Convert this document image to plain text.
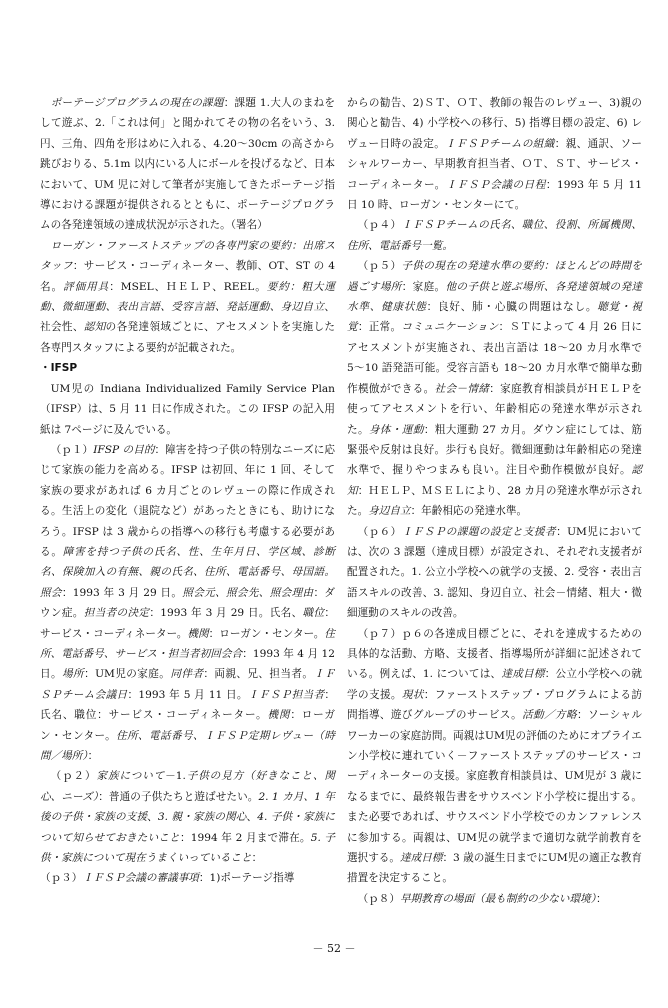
ポーテージプログラムの現在の課題：課題 1.大人のまねをして遊ぶ、2.「これは何」と聞かれてその物の名をいう、3.円、三角、四角を形はめに入れる、4.20〜30cm の高さから跳びおりる、5.1m 以内にいる人にボールを投げるなど、日本において、UM 児に対して筆者が実施してきたポーテージ指導における課題が提供されるとともに、ポーテージプログラムの各発達領域の達成状況が示された。（署名）

ローガン・ファーストステップの各専門家の要約：出席スタッフ：サービス・コーディネーター、教師、OT、ST の 4 名。評価用具：MSEL、ＨＥＬＰ、REEL。要約：粗大運動、微細運動、表出言語、受容言語、発話運動、身辺自立、社会性、認知の各発達領域ごとに、アセスメントを実施した各専門スタッフによる要約が記載された。

・IFSP

UM児の Indiana Individualized Family Service Plan（IFSP）は、5 月 11 日に作成された。この IFSP の記入用紙は 7ページに及んでいる。

（ｐ１）IFSP の目的：障害を持つ子供の特別なニーズに応じて家族の能力を高める。IFSP は初回、年に 1 回、そして家族の要求があれば 6 カ月ごとのレヴューの際に作成される。生活上の変化（退院など）があったときにも、助けになろう。IFSP は 3 歳からの指導への移行も考慮する必要がある。障害を持つ子供の氏名、性、生年月日、学区域、診断名、保険加入の有無、親の氏名、住所、電話番号、母国語。照会：1993 年 3 月 29 日。照会元、照会先、照会理由：ダウン症。担当者の決定：1993 年 3 月 29 日。氏名、職位：サービス・コーディネーター。機関：ローガン・センター。住所、電話番号、サービス・担当者初回会合：1993 年 4 月 12 日。場所：UM児の家庭。同伴者：両親、兄、担当者。ＩＦＳＰチーム会議日：1993 年 5 月 11 日。ＩＦＳＰ担当者：氏名、職位：サービス・コーディネーター。機関：ローガン・センター。住所、電話番号、ＩＦＳＰ定期レヴュー（時間／場所）：

（ｐ２）家族について－1.子供の見方（好きなこと、関心、ニーズ）：普通の子供たちと遊ばせたい。2. 1 カ月、1 年後の子供・家族の支援、3. 親・家族の関心、4. 子供・家族について知らせておきたいこと：1994 年 2 月まで滞在。5. 子供・家族について現在うまくいっていること：

（ｐ３）ＩＦＳＰ会議の審議事項：1)ポーテージ指導

からの勧告、2)ＳＴ、ＯＴ、教師の報告のレヴュー、3)親の関心と勧告、4) 小学校への移行、5) 指導目標の設定、6) レヴュー日時の設定。ＩＦＳＰチームの組織：親、通訳、ソーシャルワーカー、早期教育担当者、ＯＴ、ＳＴ、サービス・コーディネーター。ＩＦＳＰ会議の日程：1993 年 5 月 11 日 10 時、ローガン・センターにて。

（ｐ４）ＩＦＳＰチームの氏名、職位、役割、所属機関、住所、電話番号一覧。

（ｐ５）子供の現在の発達水準の要約：ほとんどの時間を過ごす場所：家庭。他の子供と遊ぶ場所、各発達領域の発達水準、健康状態：良好、肺・心臓の問題はなし。聴覚・視覚：正常。コミュニケーション：ＳＴによって 4 月 26 日にアセスメントが実施され、表出言語は 18〜20 カ月水準で 5〜10 語発語可能。受容言語も 18〜20 カ月水準で簡単な動作模倣ができる。社会－情緒：家庭教育相談員がＨＥＬＰを使ってアセスメントを行い、年齢相応の発達水準が示された。身体・運動：粗大運動 27 カ月。ダウン症にしては、筋緊張や反射は良好。歩行も良好。微細運動は年齢相応の発達水準で、握りやつまみも良い。注目や動作模倣が良好。認知：ＨＥＬＰ、ＭＳＥＬにより、28 カ月の発達水準が示された。身辺自立：年齢相応の発達水準。

（ｐ６）ＩＦＳＰの課題の設定と支援者：UM児においては、次の 3 課題（達成目標）が設定され、それぞれ支援者が配置された。1. 公立小学校への就学の支援、2. 受容・表出言語スキルの改善、3. 認知、身辺自立、社会－情緒、粗大・微細運動のスキルの改善。

（ｐ７）ｐ６の各達成目標ごとに、それを達成するための具体的な活動、方略、支援者、指導場所が詳細に記述されている。例えば、1. については、達成目標：公立小学校への就学の支援。現状：ファーストステップ・プログラムによる訪問指導、遊びグループのサービス。活動／方略：ソーシャルワーカーの家庭訪問。両親はUM児の評価のためにオブライエン小学校に連れていく－ファーストステップのサービス・コーディネーターの支援。家庭教育相談員は、UM児が 3 歳になるまでに、最終報告書をサウスベンド小学校に提出する。また必要であれば、サウスベンド小学校でのカンファレンスに参加する。両親は、UM児の就学まで適切な就学前教育を選択する。達成日標：3 歳の誕生日までにUM児の適正な教育措置を決定すること。

（ｐ８）早期教育の場面（最も制約の少ない環境）：

－ 52 －
